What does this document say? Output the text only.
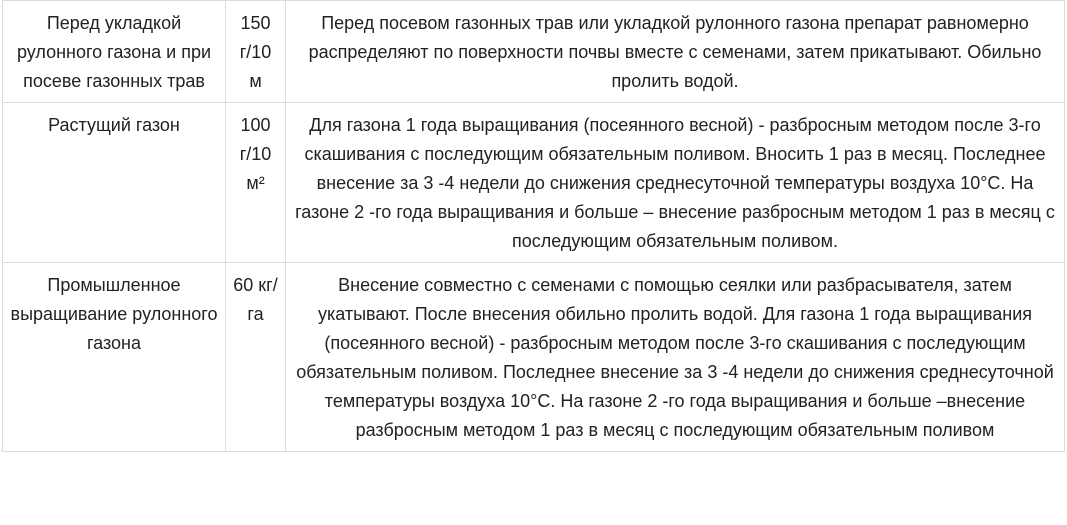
Перед укладкой рулонного газона и при посеве газонных трав	150 г/10 м	Перед посевом газонных трав или укладкой рулонного газона препарат равномерно распределяют по поверхности почвы вместе с семенами, затем прикатывают. Обильно пролить водой.
Растущий газон	100 г/10 м²	Для газона 1 года выращивания (посеянного весной) - разбросным методом после 3-го скашивания с последующим обязательным поливом. Вносить 1 раз в месяц. Последнее внесение за 3 -4 недели до снижения среднесуточной температуры воздуха 10°С. На газоне 2 -го года выращивания и больше – внесение разбросным методом 1 раз в месяц с последующим обязательным поливом.
Промышленное выращивание рулонного газона	60 кг/га	Внесение совместно с семенами с помощью сеялки или разбрасывателя, затем укатывают. После внесения обильно пролить водой. Для газона 1 года выращивания (посеянного весной) - разбросным методом после 3-го скашивания с последующим обязательным поливом. Последнее внесение за 3 -4 недели до снижения среднесуточной температуры воздуха 10°С. На газоне 2 -го года выращивания и больше –внесение разбросным методом 1 раз в месяц с последующим обязательным поливом
